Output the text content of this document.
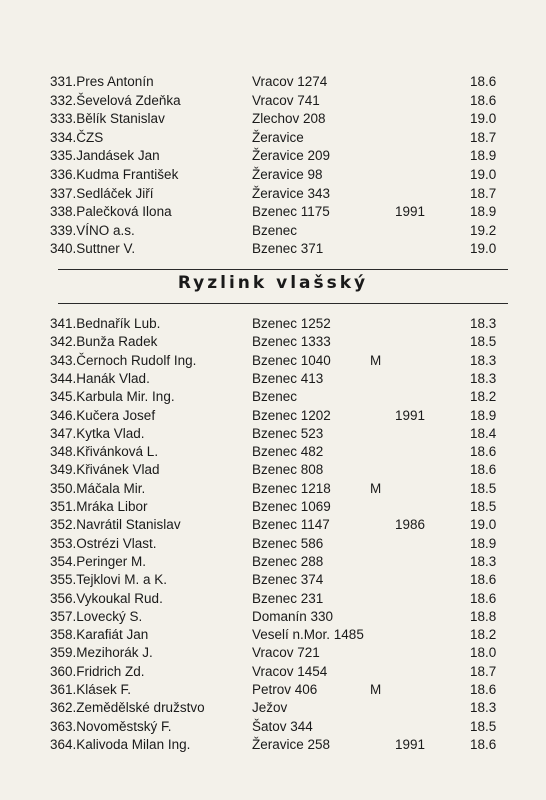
331.Pres Antonín	Vracov 1274	18.6
332.Ševelová Zdeňka	Vracov 741	18.6
333.Bělík Stanislav	Zlechov 208	19.0
334.ČZS	Žeravice	18.7
335.Jandásek Jan	Žeravice 209	18.9
336.Kudma František	Žeravice 98	19.0
337.Sedláček Jiří	Žeravice 343	18.7
338.Palečková Ilona	Bzenec 1175	1991	18.9
339.VÍNO a.s.	Bzenec	19.2
340.Suttner V.	Bzenec 371	19.0
Ryzlink vlašský
341.Bednařík Lub.	Bzenec 1252	18.3
342.Bunža Radek	Bzenec 1333	18.5
343.Černoch Rudolf Ing.	Bzenec 1040	M	18.3
344.Hanák Vlad.	Bzenec 413	18.3
345.Karbula Mir. Ing.	Bzenec	18.2
346.Kučera Josef	Bzenec 1202	1991	18.9
347.Kytka Vlad.	Bzenec 523	18.4
348.Křivánková L.	Bzenec 482	18.6
349.Křivánek Vlad	Bzenec 808	18.6
350.Máčala Mir.	Bzenec 1218	M	18.5
351.Mráka Libor	Bzenec 1069	18.5
352.Navrátil Stanislav	Bzenec 1147	1986	19.0
353.Ostrézi Vlast.	Bzenec 586	18.9
354.Peringer M.	Bzenec 288	18.3
355.Tejklovi M. a K.	Bzenec 374	18.6
356.Vykoukal Rud.	Bzenec 231	18.6
357.Lovecký S.	Domanín 330	18.8
358.Karafiát Jan	Veselí n.Mor. 1485	18.2
359.Mezihorák J.	Vracov 721	18.0
360.Fridrich Zd.	Vracov 1454	18.7
361.Klásek F.	Petrov 406	M	18.6
362.Zemědělské družstvo	Ježov	18.3
363.Novoměstský F.	Šatov 344	18.5
364.Kalivoda Milan Ing.	Žeravice 258	1991	18.6
